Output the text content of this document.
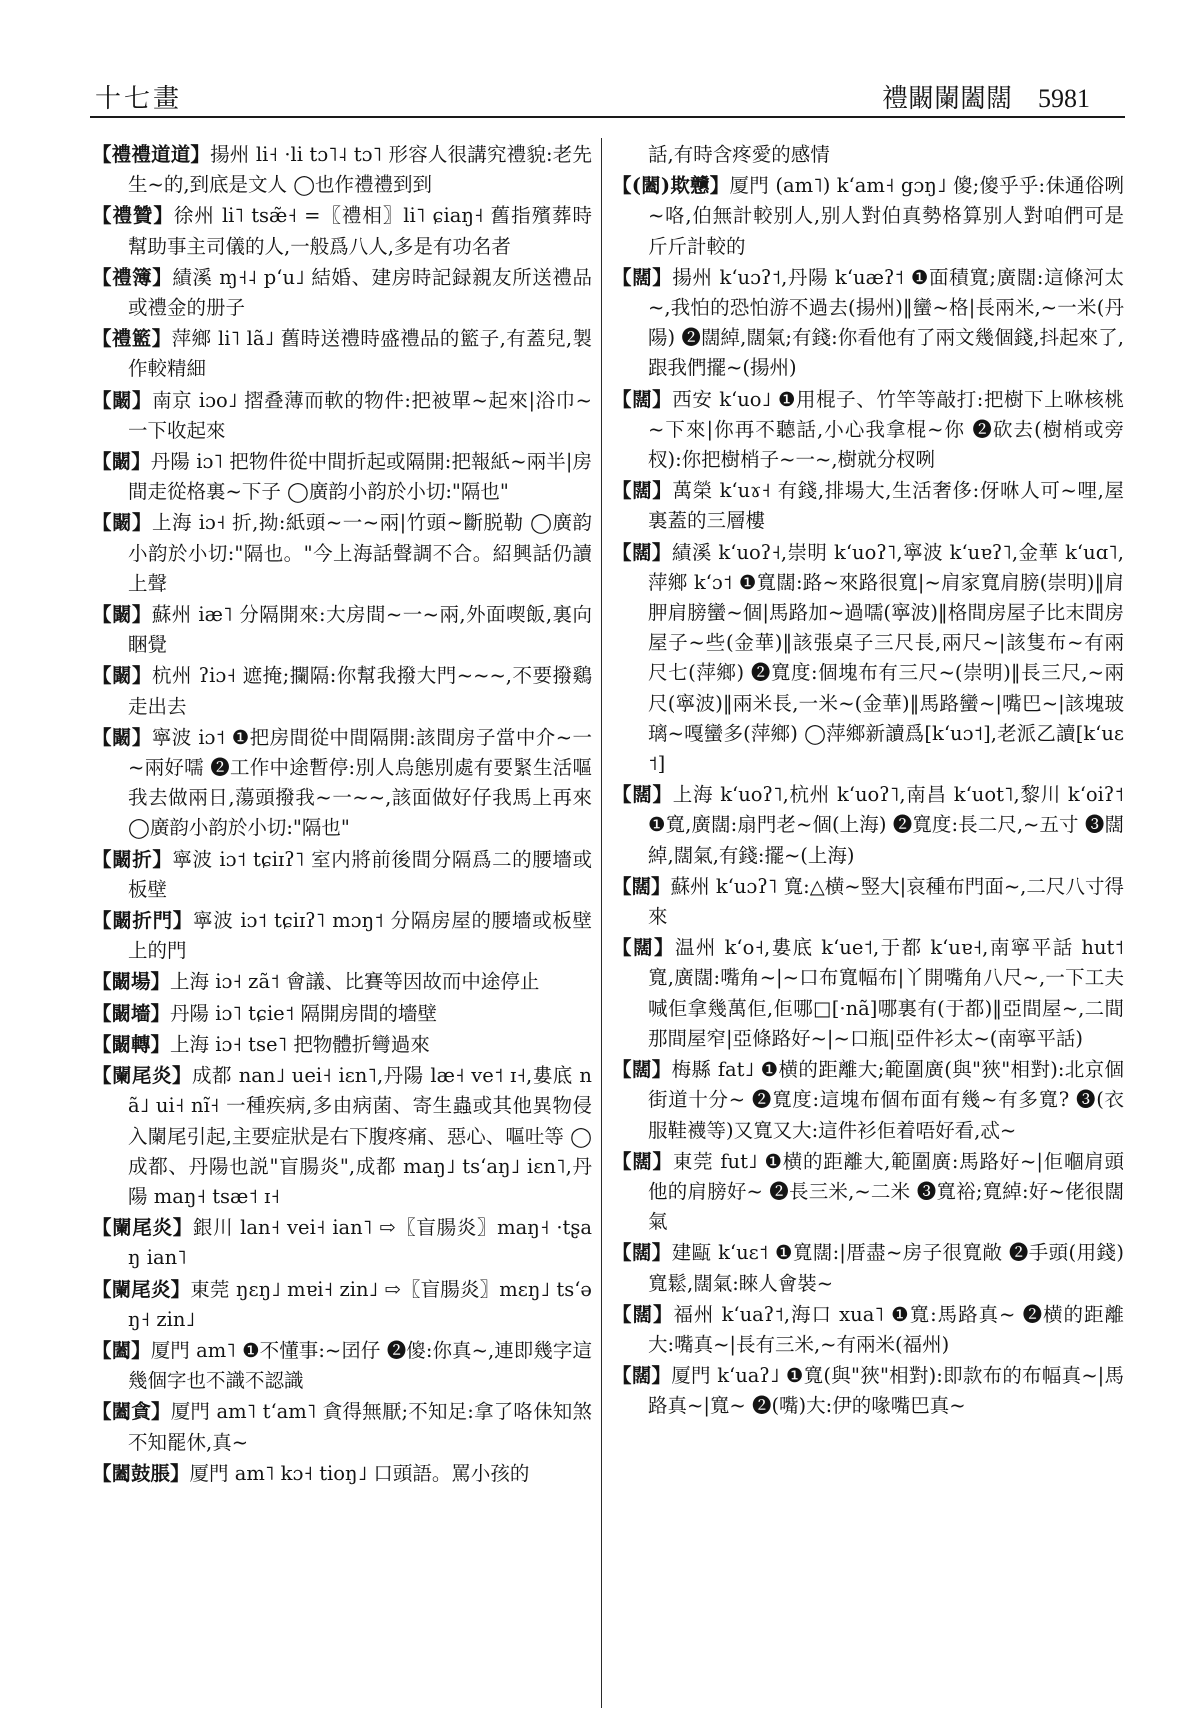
十七畫	禮闞闌闔闊 5981

【禮禮道道】揚州 li˧ ·li tɔ˥˨ tɔ˥ 形容人很講究禮貌:老先生~的,到底是文人 ◯也作禮禮到到

【禮贊】徐州 li˥ tsæ̃˧ =〖禮相〗li˥ ɕiaŋ˧ 舊指殯葬時幫助事主司儀的人,一般爲八人,多是有功名者

【禮簿】績溪 ɱ˧˨ pʻu˩ 結婚、建房時記録親友所送禮品或禮金的册子

【禮籃】萍鄉 li˥ lã˩ 舊時送禮時盛禮品的籃子,有蓋兒,製作較精細

【闞】南京 iɔo˩ 摺叠薄而軟的物件:把被單~起來|浴巾~一下收起來

【闞】丹陽 iɔ˥ 把物件從中間折起或隔開:把報紙~兩半|房間走從格裏~下子 ◯廣韵小韵於小切:"隔也"

【闞】上海 iɔ˧ 折,拗:紙頭~一~兩|竹頭~斷脱勒 ◯廣韵小韵於小切:"隔也。"今上海話聲調不合。紹興話仍讀上聲

【闞】蘇州 iæ˥ 分隔開來:大房間~一~兩,外面喫飯,裏向睏覺

【闞】杭州 ʔiɔ˧ 遮掩;攔隔:你幫我撥大門~~~,不要撥鷄走出去

【闞】寧波 iɔ˦ ❶把房間從中間隔開:該間房子當中介~一~兩好嚅 ❷工作中途暫停:別人烏態別處有要緊生活嘔我去做兩日,蕩頭撥我~一~~,該面做好仔我馬上再來 ◯廣韵小韵於小切:"隔也"

【闞折】寧波 iɔ˦ tɕiɪʔ˥ 室内將前後間分隔爲二的腰墻或板壁

【闞折門】寧波 iɔ˦ tɕiɪʔ˥ mɔŋ˦ 分隔房屋的腰墻或板壁上的門

【闞場】上海 iɔ˧ zã˦ 會議、比賽等因故而中途停止

【闞墻】丹陽 iɔ˥ tɕie˦ 隔開房間的墻壁

【闞轉】上海 iɔ˧ tse˥ 把物體折彎過來

【闌尾炎】成都 nan˩ uei˧ iɛn˥,丹陽 læ˧ ve˦ ɪ˧,婁底 nã˩ ui˧ nĩ˧ 一種疾病,多由病菌、寄生蟲或其他異物侵入闌尾引起,主要症狀是右下腹疼痛、惡心、嘔吐等 ◯成都、丹陽也説"盲腸炎",成都 maŋ˩ tsʻaŋ˩ iɛn˥,丹陽 maŋ˧ tsæ˦ ɪ˧

【闌尾炎】銀川 lan˧ vei˧ ian˥ ⇨〖盲腸炎〗maŋ˧ ·tʂaŋ ian˥

【闌尾炎】東莞 ŋɛŋ˩ mɐi˧ zin˩ ⇨〖盲腸炎〗mɛŋ˩ tsʻəŋ˧ zin˩

【闔】厦門 am˥ ❶不懂事:~囝仔 ❷傻:你真~,連即幾字這幾個字也不識不認識

【闔貪】厦門 am˥ tʻam˥ 貪得無厭;不知足:拿了咯佅知煞不知罷休,真~

【闔鼓脹】厦門 am˥ kɔ˧ tioŋ˩ 口頭語。罵小孩的

話,有時含疼愛的感情

【(闔)欺戇】厦門 (am˥) kʻam˧ gɔŋ˩ 傻;傻乎乎:佅通俗咧~咯,伯無計較别人,别人對伯真勢格算别人對咱們可是斤斤計較的

【闊】揚州 kʻuɔʔ˦,丹陽 kʻuæʔ˦ ❶面積寬;廣闊:這條河太~,我怕的恐怕游不過去(揚州)‖蠻~格|長兩米,~一米(丹陽) ❷闊綽,闊氣;有錢:你看他有了兩文幾個錢,抖起來了,跟我們擺~(揚州)

【闊】西安 kʻuo˩ ❶用棍子、竹竿等敲打:把樹下上咻核桃~下來|你再不聽話,小心我拿棍~你 ❷砍去(樹梢或旁杈):你把樹梢子~一~,樹就分杈咧

【闊】萬榮 kʻuɤ˧ 有錢,排場大,生活奢侈:伢咻人可~哩,屋裏蓋的三層樓

【闊】績溪 kʻuoʔ˧,崇明 kʻuoʔ˥,寧波 kʻuɐʔ˥,金華 kʻuɑ˥,萍鄉 kʻɔ˦ ❶寬闊:路~來路很寬|~肩家寬肩膀(崇明)‖肩胛肩膀蠻~個|馬路加~過嚅(寧波)‖格間房屋子比末間房屋子~些(金華)‖該張桌子三尺長,兩尺~|該隻布~有兩尺七(萍鄉) ❷寬度:個塊布有三尺~(崇明)‖長三尺,~兩尺(寧波)‖兩米長,一米~(金華)‖馬路蠻~|嘴巴~|該塊玻璃~嘎蠻多(萍鄉) ◯萍鄉新讀爲[kʻuɔ˦],老派乙讀[kʻuɛ˦]

【闊】上海 kʻuoʔ˥,杭州 kʻuoʔ˥,南昌 kʻuot˥,黎川 kʻoiʔ˦ ❶寬,廣闊:扇門老~個(上海) ❷寬度:長二尺,~五寸 ❸闊綽,闊氣,有錢:擺~(上海)

【闊】蘇州 kʻuɔʔ˥ 寬:△横~竪大|哀種布門面~,二尺八寸得來

【闊】温州 kʻo˧,婁底 kʻue˦,于都 kʻuɐ˧,南寧平話 hut˦ 寬,廣闊:嘴角~|~口布寬幅布|丫開嘴角八尺~,一下工夫喊佢拿幾萬佢,佢哪□[·nã]哪裏有(于都)‖亞間屋~,二間那間屋窄|亞條路好~|~口瓶|亞件衫太~(南寧平話)

【闊】梅縣 fat˩ ❶横的距離大;範圍廣(與"狹"相對):北京個街道十分~ ❷寬度:這塊布個布面有幾~有多寬? ❸(衣服鞋襪等)又寬又大:這件衫佢着唔好看,忒~

【闊】東莞 fut˩ ❶横的距離大,範圍廣:馬路好~|佢嗰肩頭他的肩膀好~ ❷長三米,~二米 ❸寬裕;寬綽:好~佬很闊氣

【闊】建甌 kʻuɛ˦ ❶寬闊:|厝盡~房子很寬敞 ❷手頭(用錢)寬鬆,闊氣:睞人會裝~

【闊】福州 kʻuaʔ˦,海口 xua˥ ❶寬:馬路真~ ❷横的距離大:嘴真~|長有三米,~有兩米(福州)

【闊】厦門 kʻuaʔ˩ ❶寬(與"狹"相對):即款布的布幅真~|馬路真~|寬~ ❷(嘴)大:伊的喙嘴巴真~
